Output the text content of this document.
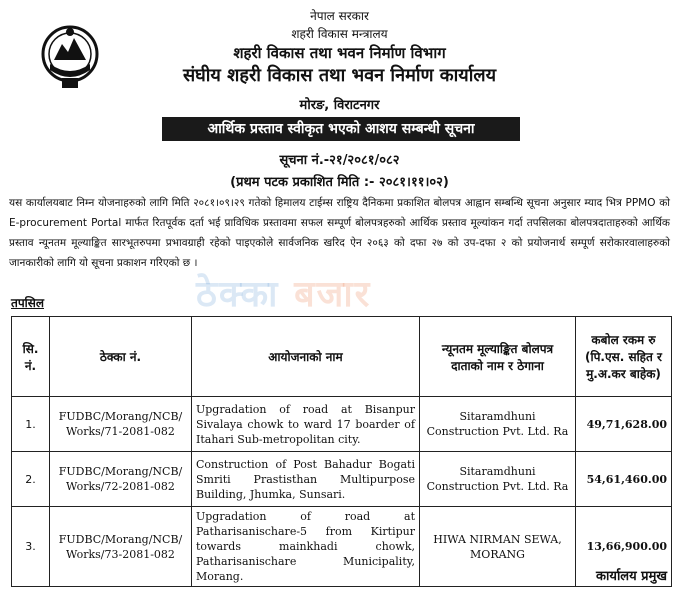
नेपाल सरकार
शहरी विकास मन्त्रालय
शहरी विकास तथा भवन निर्माण विभाग
संघीय शहरी विकास तथा भवन निर्माण कार्यालय
मोरङ, विराटनगर
आर्थिक प्रस्ताव स्वीकृत भएको आशय सम्बन्धी सूचना
सूचना नं.-२१/२०८१/०८२
(प्रथम पटक प्रकाशित मिति :- २०८१।११।०२)
यस कार्यालयबाट निम्न योजनाहरुको लागि मिति २०८१।०९।२९ गतेको हिमालय टाईम्स राष्ट्रिय दैनिकमा प्रकाशित बोलपत्र आह्वान सम्बन्धि सूचना अनुसार म्याद भित्र PPMO को E-procurement Portal मार्फत रितपूर्वक दर्ता भई प्राविधिक प्रस्तावमा सफल सम्पूर्ण बोलपत्रहरुको आर्थिक प्रस्ताव मूल्यांकन गर्दा तपसिलका बोलपत्रदाताहरुको आर्थिक प्रस्ताव न्यूनतम मूल्याङ्कित सारभूतरुपमा प्रभावग्राही रहेको पाइएकोले सार्वजनिक खरिद ऐन २०६३ को दफा २७ को उप-दफा २ को प्रयोजनार्थ सम्पूर्ण सरोकारवालाहरुको जानकारीको लागि यो सूचना प्रकाशन गरिएको छ ।
ठेक्का बजार
तपसिल
सि. नं.	ठेक्का नं.	आयोजनाको नाम	न्यूनतम मूल्याङ्कित बोलपत्र दाताको नाम र ठेगाना	कबोल रकम रु (पि.एस. सहित र मु.अ.कर बाहेक)
1.	FUDBC/Morang/NCB/ Works/71-2081-082	Upgradation of road at Bisanpur Sivalaya chowk to ward 17 boarder of Itahari Sub-metropolitan city.	Sitaramdhuni Construction Pvt. Ltd. Ra	49,71,628.00
2.	FUDBC/Morang/NCB/ Works/72-2081-082	Construction of Post Bahadur Bogati Smriti Prastisthan Multipurpose Building, Jhumka, Sunsari.	Sitaramdhuni Construction Pvt. Ltd. Ra	54,61,460.00
3.	FUDBC/Morang/NCB/ Works/73-2081-082	Upgradation of road at Patharisanischare-5 from Kirtipur towards mainkhadi chowk, Patharisanischare Municipality, Morang.	HIWA NIRMAN SEWA, MORANG	13,66,900.00
कार्यालय प्रमुख
